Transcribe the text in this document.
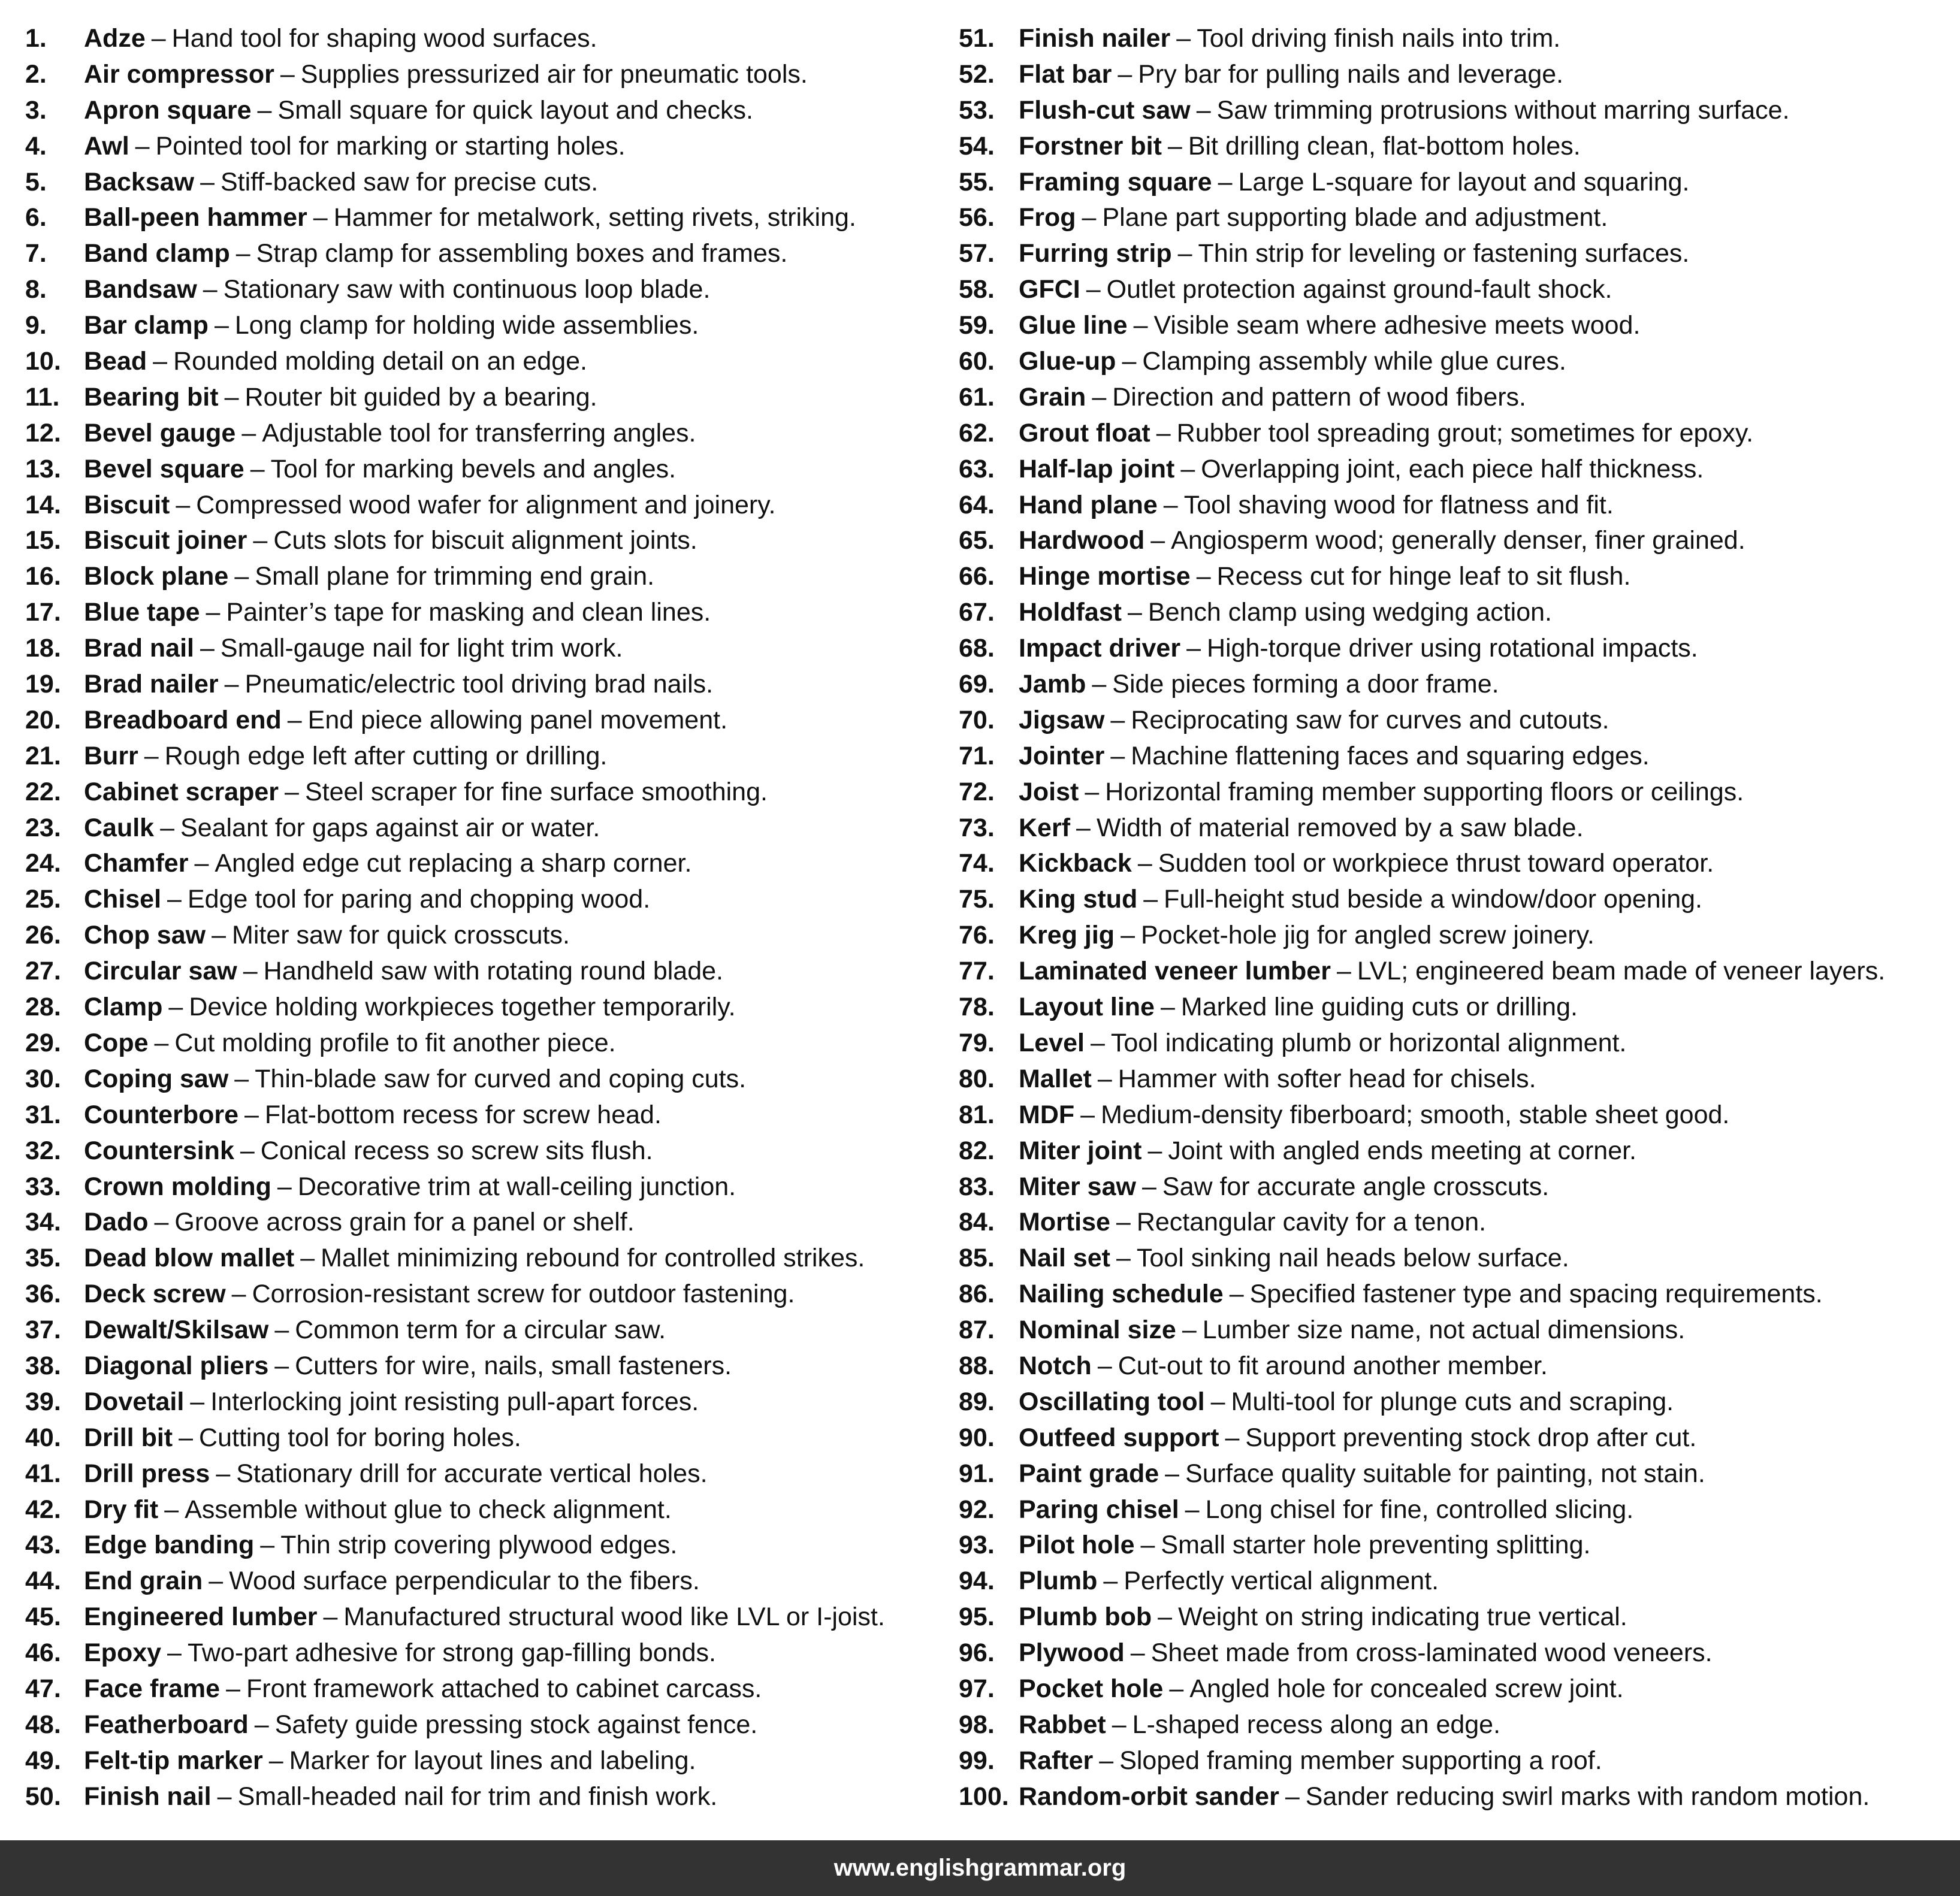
1.	Adze – Hand tool for shaping wood surfaces.
2.	Air compressor – Supplies pressurized air for pneumatic tools.
3.	Apron square – Small square for quick layout and checks.
4.	Awl – Pointed tool for marking or starting holes.
5.	Backsaw – Stiff-backed saw for precise cuts.
6.	Ball-peen hammer – Hammer for metalwork, setting rivets, striking.
7.	Band clamp – Strap clamp for assembling boxes and frames.
8.	Bandsaw – Stationary saw with continuous loop blade.
9.	Bar clamp – Long clamp for holding wide assemblies.
10. Bead – Rounded molding detail on an edge.
11. Bearing bit – Router bit guided by a bearing.
12. Bevel gauge – Adjustable tool for transferring angles.
13. Bevel square – Tool for marking bevels and angles.
14. Biscuit – Compressed wood wafer for alignment and joinery.
15. Biscuit joiner – Cuts slots for biscuit alignment joints.
16. Block plane – Small plane for trimming end grain.
17. Blue tape – Painter’s tape for masking and clean lines.
18. Brad nail – Small-gauge nail for light trim work.
19. Brad nailer – Pneumatic/electric tool driving brad nails.
20. Breadboard end – End piece allowing panel movement.
21. Burr – Rough edge left after cutting or drilling.
22. Cabinet scraper – Steel scraper for fine surface smoothing.
23. Caulk – Sealant for gaps against air or water.
24. Chamfer – Angled edge cut replacing a sharp corner.
25. Chisel – Edge tool for paring and chopping wood.
26. Chop saw – Miter saw for quick crosscuts.
27. Circular saw – Handheld saw with rotating round blade.
28. Clamp – Device holding workpieces together temporarily.
29. Cope – Cut molding profile to fit another piece.
30. Coping saw – Thin-blade saw for curved and coping cuts.
31. Counterbore – Flat-bottom recess for screw head.
32. Countersink – Conical recess so screw sits flush.
33. Crown molding – Decorative trim at wall-ceiling junction.
34. Dado – Groove across grain for a panel or shelf.
35. Dead blow mallet – Mallet minimizing rebound for controlled strikes.
36. Deck screw – Corrosion-resistant screw for outdoor fastening.
37. Dewalt/Skilsaw – Common term for a circular saw.
38. Diagonal pliers – Cutters for wire, nails, small fasteners.
39. Dovetail – Interlocking joint resisting pull-apart forces.
40. Drill bit – Cutting tool for boring holes.
41. Drill press – Stationary drill for accurate vertical holes.
42. Dry fit – Assemble without glue to check alignment.
43. Edge banding – Thin strip covering plywood edges.
44. End grain – Wood surface perpendicular to the fibers.
45. Engineered lumber – Manufactured structural wood like LVL or I-joist.
46. Epoxy – Two-part adhesive for strong gap-filling bonds.
47. Face frame – Front framework attached to cabinet carcass.
48. Featherboard – Safety guide pressing stock against fence.
49. Felt-tip marker – Marker for layout lines and labeling.
50. Finish nail – Small-headed nail for trim and finish work.
51. Finish nailer – Tool driving finish nails into trim.
52. Flat bar – Pry bar for pulling nails and leverage.
53. Flush-cut saw – Saw trimming protrusions without marring surface.
54. Forstner bit – Bit drilling clean, flat-bottom holes.
55. Framing square – Large L-square for layout and squaring.
56. Frog – Plane part supporting blade and adjustment.
57. Furring strip – Thin strip for leveling or fastening surfaces.
58. GFCI – Outlet protection against ground-fault shock.
59. Glue line – Visible seam where adhesive meets wood.
60. Glue-up – Clamping assembly while glue cures.
61. Grain – Direction and pattern of wood fibers.
62. Grout float – Rubber tool spreading grout; sometimes for epoxy.
63. Half-lap joint – Overlapping joint, each piece half thickness.
64. Hand plane – Tool shaving wood for flatness and fit.
65. Hardwood – Angiosperm wood; generally denser, finer grained.
66. Hinge mortise – Recess cut for hinge leaf to sit flush.
67. Holdfast – Bench clamp using wedging action.
68. Impact driver – High-torque driver using rotational impacts.
69. Jamb – Side pieces forming a door frame.
70. Jigsaw – Reciprocating saw for curves and cutouts.
71. Jointer – Machine flattening faces and squaring edges.
72. Joist – Horizontal framing member supporting floors or ceilings.
73. Kerf – Width of material removed by a saw blade.
74. Kickback – Sudden tool or workpiece thrust toward operator.
75. King stud – Full-height stud beside a window/door opening.
76. Kreg jig – Pocket-hole jig for angled screw joinery.
77. Laminated veneer lumber – LVL; engineered beam made of veneer layers.
78. Layout line – Marked line guiding cuts or drilling.
79. Level – Tool indicating plumb or horizontal alignment.
80. Mallet – Hammer with softer head for chisels.
81. MDF – Medium-density fiberboard; smooth, stable sheet good.
82. Miter joint – Joint with angled ends meeting at corner.
83. Miter saw – Saw for accurate angle crosscuts.
84. Mortise – Rectangular cavity for a tenon.
85. Nail set – Tool sinking nail heads below surface.
86. Nailing schedule – Specified fastener type and spacing requirements.
87. Nominal size – Lumber size name, not actual dimensions.
88. Notch – Cut-out to fit around another member.
89. Oscillating tool – Multi-tool for plunge cuts and scraping.
90. Outfeed support – Support preventing stock drop after cut.
91. Paint grade – Surface quality suitable for painting, not stain.
92. Paring chisel – Long chisel for fine, controlled slicing.
93. Pilot hole – Small starter hole preventing splitting.
94. Plumb – Perfectly vertical alignment.
95. Plumb bob – Weight on string indicating true vertical.
96. Plywood – Sheet made from cross-laminated wood veneers.
97. Pocket hole – Angled hole for concealed screw joint.
98. Rabbet – L-shaped recess along an edge.
99. Rafter – Sloped framing member supporting a roof.
100. Random-orbit sander – Sander reducing swirl marks with random motion.
www.englishgrammar.org
